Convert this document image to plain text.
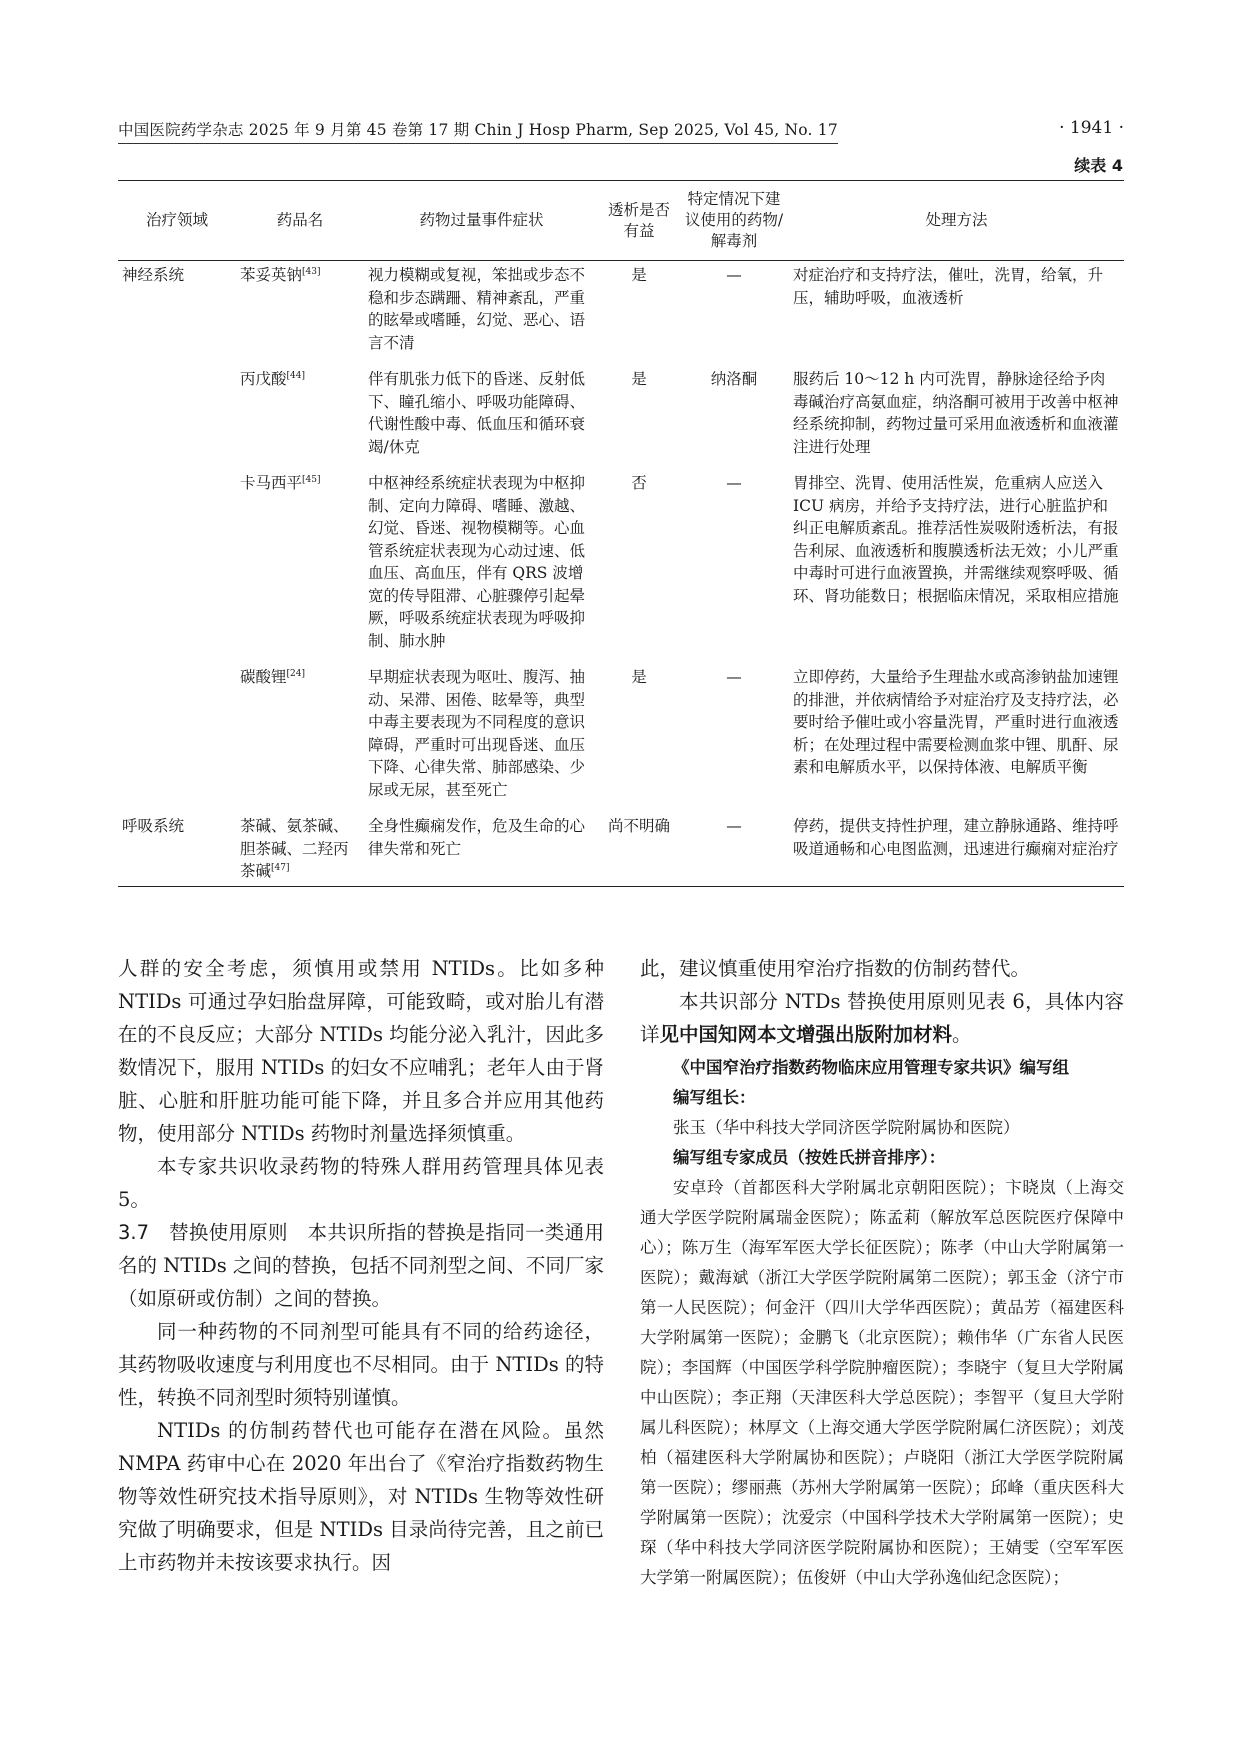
中国医院药学杂志 2025 年 9 月第 45 卷第 17 期 Chin J Hosp Pharm, Sep 2025, Vol 45, No. 17	· 1941 ·
续表 4
治疗领域	药品名	药物过量事件症状	透析是否有益	特定情况下建议使用的药物/解毒剂	处理方法
神经系统	苯妥英钠[43]	视力模糊或复视，笨拙或步态不稳和步态蹒跚、精神紊乱，严重的眩晕或嗜睡，幻觉、恶心、语言不清	是	—	对症治疗和支持疗法，催吐，洗胃，给氧，升压，辅助呼吸，血液透析
	丙戊酸[44]	伴有肌张力低下的昏迷、反射低下、瞳孔缩小、呼吸功能障碍、代谢性酸中毒、低血压和循环衰竭/休克	是	纳洛酮	服药后 10～12 h 内可洗胃，静脉途径给予肉毒碱治疗高氨血症，纳洛酮可被用于改善中枢神经系统抑制，药物过量可采用血液透析和血液灌注进行处理
	卡马西平[45]	中枢神经系统症状表现为中枢抑制、定向力障碍、嗜睡、激越、幻觉、昏迷、视物模糊等。心血管系统症状表现为心动过速、低血压、高血压，伴有 QRS 波增宽的传导阻滞、心脏骤停引起晕厥，呼吸系统症状表现为呼吸抑制、肺水肿	否	—	胃排空、洗胃、使用活性炭，危重病人应送入 ICU 病房，并给予支持疗法，进行心脏监护和纠正电解质紊乱。推荐活性炭吸附透析法，有报告利尿、血液透析和腹膜透析法无效；小儿严重中毒时可进行血液置换，并需继续观察呼吸、循环、肾功能数日；根据临床情况，采取相应措施
	碳酸锂[24]	早期症状表现为呕吐、腹泻、抽动、呆滞、困倦、眩晕等，典型中毒主要表现为不同程度的意识障碍，严重时可出现昏迷、血压下降、心律失常、肺部感染、少尿或无尿，甚至死亡	是	—	立即停药，大量给予生理盐水或高渗钠盐加速锂的排泄，并依病情给予对症治疗及支持疗法，必要时给予催吐或小容量洗胃，严重时进行血液透析；在处理过程中需要检测血浆中锂、肌酐、尿素和电解质水平，以保持体液、电解质平衡
呼吸系统	茶碱、氨茶碱、胆茶碱、二羟丙茶碱[47]	全身性癫痫发作，危及生命的心律失常和死亡	尚不明确	—	停药，提供支持性护理，建立静脉通路、维持呼吸道通畅和心电图监测，迅速进行癫痫对症治疗

人群的安全考虑，须慎用或禁用 NTIDs。比如多种 NTIDs 可通过孕妇胎盘屏障，可能致畸，或对胎儿有潜在的不良反应；大部分 NTIDs 均能分泌入乳汁，因此多数情况下，服用 NTIDs 的妇女不应哺乳；老年人由于肾脏、心脏和肝脏功能可能下降，并且多合并应用其他药物，使用部分 NTIDs 药物时剂量选择须慎重。

本专家共识收录药物的特殊人群用药管理具体见表 5。

3.7　 替换使用原则　 本共识所指的替换是指同一类通用名的 NTIDs 之间的替换，包括不同剂型之间、不同厂家（如原研或仿制）之间的替换。

同一种药物的不同剂型可能具有不同的给药途径，其药物吸收速度与利用度也不尽相同。由于 NTIDs 的特性，转换不同剂型时须特别谨慎。

NTIDs 的仿制药替代也可能存在潜在风险。虽然 NMPA 药审中心在 2020 年出台了《窄治疗指数药物生物等效性研究技术指导原则》，对 NTIDs 生物等效性研究做了明确要求，但是 NTIDs 目录尚待完善，且之前已上市药物并未按该要求执行。因

此，建议慎重使用窄治疗指数的仿制药替代。

本共识部分 NTDs 替换使用原则见表 6，具体内容详见中国知网本文增强出版附加材料。

《中国窄治疗指数药物临床应用管理专家共识》编写组
编写组长：
张玉（华中科技大学同济医学院附属协和医院）
编写组专家成员（按姓氏拼音排序）：
安卓玲（首都医科大学附属北京朝阳医院）；卞晓岚（上海交通大学医学院附属瑞金医院）；陈孟莉（解放军总医院医疗保障中心）；陈万生（海军军医大学长征医院）；陈孝（中山大学附属第一医院）；戴海斌（浙江大学医学院附属第二医院）；郭玉金（济宁市第一人民医院）；何金汗（四川大学华西医院）；黄品芳（福建医科大学附属第一医院）；金鹏飞（北京医院）；赖伟华（广东省人民医院）；李国辉（中国医学科学院肿瘤医院）；李晓宇（复旦大学附属中山医院）；李正翔（天津医科大学总医院）；李智平（复旦大学附属儿科医院）；林厚文（上海交通大学医学院附属仁济医院）；刘茂柏（福建医科大学附属协和医院）；卢晓阳（浙江大学医学院附属第一医院）；缪丽燕（苏州大学附属第一医院）；邱峰（重庆医科大学附属第一医院）；沈爱宗（中国科学技术大学附属第一医院）；史琛（华中科技大学同济医学院附属协和医院）；王婧雯（空军军医大学第一附属医院）；伍俊妍（中山大学孙逸仙纪念医院）；
